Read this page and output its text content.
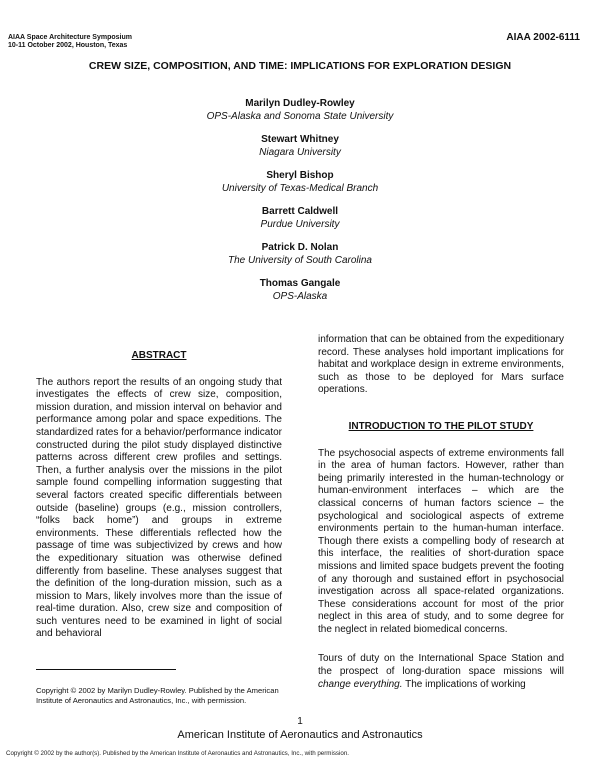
AIAA Space Architecture Symposium
10-11 October 2002, Houston, Texas
AIAA 2002-6111
CREW SIZE, COMPOSITION, AND TIME: IMPLICATIONS FOR EXPLORATION DESIGN
Marilyn Dudley-Rowley
OPS-Alaska and Sonoma State University
Stewart Whitney
Niagara University
Sheryl Bishop
University of Texas-Medical Branch
Barrett Caldwell
Purdue University
Patrick D. Nolan
The University of South Carolina
Thomas Gangale
OPS-Alaska
ABSTRACT

The authors report the results of an ongoing study that investigates the effects of crew size, composition, mission duration, and mission interval on behavior and performance among polar and space expeditions. The standardized rates for a behavior/performance indicator constructed during the pilot study displayed distinctive patterns across different crew profiles and settings. Then, a further analysis over the missions in the pilot sample found compelling information suggesting that several factors created specific differentials between outside (baseline) groups (e.g., mission controllers, “folks back home”) and groups in extreme environments. These differentials reflected how the passage of time was subjectivized by crews and how the expeditionary situation was otherwise defined differently from baseline. These analyses suggest that the definition of the long-duration mission, such as a mission to Mars, likely involves more than the issue of real-time duration. Also, crew size and composition of such ventures need to be examined in light of social and behavioral

information that can be obtained from the expeditionary record. These analyses hold important implications for habitat and workplace design in extreme environments, such as those to be deployed for Mars surface operations.

INTRODUCTION TO THE PILOT STUDY

The psychosocial aspects of extreme environments fall in the area of human factors. However, rather than being primarily interested in the human-technology or human-environment interfaces – which are the classical concerns of human factors science – the psychological and sociological aspects of extreme environments pertain to the human-human interface. Though there exists a compelling body of research at this interface, the realities of short-duration space missions and limited space budgets prevent the footing of any thorough and sustained effort in psychosocial investigation across all space-related organizations. These considerations account for most of the prior neglect in this area of study, and to some degree for the neglect in related biomedical concerns.

Tours of duty on the International Space Station and the prospect of long-duration space missions will change everything. The implications of working

Copyright © 2002 by Marilyn Dudley-Rowley. Published by the American Institute of Aeronautics and Astronautics, Inc., with permission.
1
American Institute of Aeronautics and Astronautics
Copyright © 2002 by the author(s). Published by the American Institute of Aeronautics and Astronautics, Inc., with permission.
